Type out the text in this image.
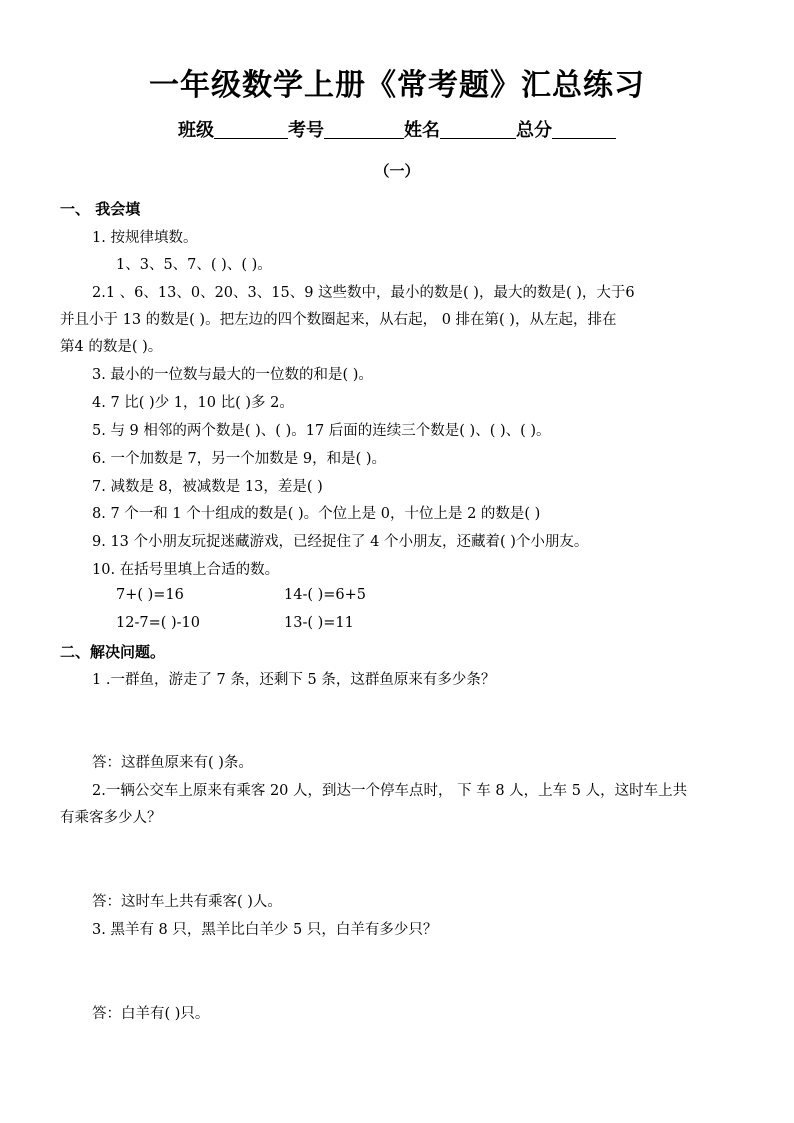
一年级数学上册《常考题》汇总练习
班级	考号	姓名	总分
（一）
一、 我会填
1. 按规律填数。
1、3、5、7、( )、( )。
2.1 、6、13、0、20、3、15、9 这些数中，最小的数是( )，最大的数是( )，大于6
并且小于 13 的数是( )。把左边的四个数圈起来，从右起， 0 排在第( )，从左起，排在
第4 的数是( )。
3. 最小的一位数与最大的一位数的和是( )。
4. 7 比( )少 1，10 比( )多 2。
5. 与 9 相邻的两个数是( )、( )。17 后面的连续三个数是( )、( )、( )。
6. 一个加数是 7，另一个加数是 9，和是( )。
7. 减数是 8，被减数是 13，差是( )
8. 7 个一和 1 个十组成的数是( )。个位上是 0，十位上是 2 的数是( )
9. 13 个小朋友玩捉迷藏游戏，已经捉住了 4 个小朋友，还藏着( )个小朋友。
10. 在括号里填上合适的数。
7+( )=16	14-( )=6+5
12-7=( )-10	13-( )=11
二、解决问题。
1 .一群鱼，游走了 7 条，还剩下 5 条，这群鱼原来有多少条？
答：这群鱼原来有( )条。
2.一辆公交车上原来有乘客 20 人，到达一个停车点时， 下 车 8 人，上车 5 人，这时车上共
有乘客多少人？
答：这时车上共有乘客( )人。
3. 黑羊有 8 只，黑羊比白羊少 5 只，白羊有多少只？
答：白羊有( )只。
